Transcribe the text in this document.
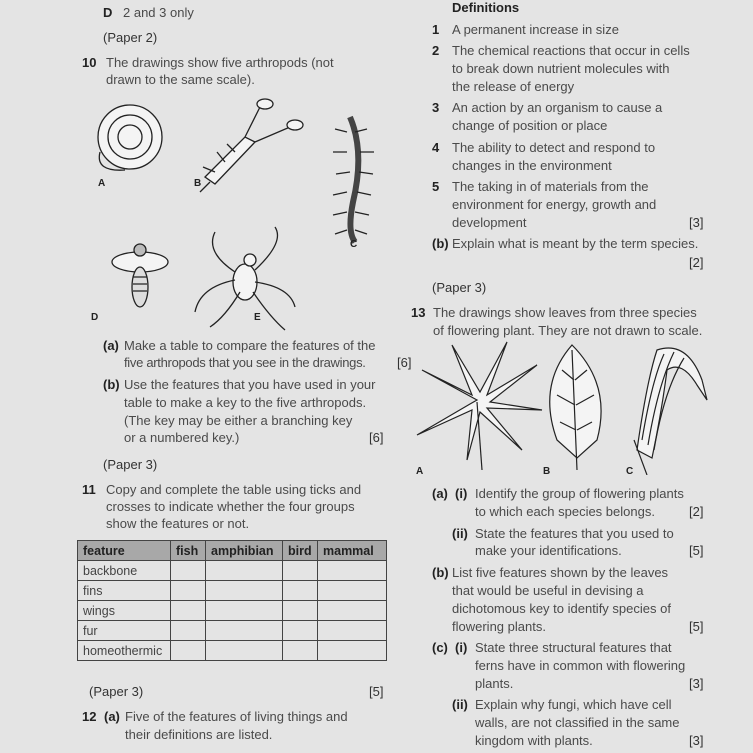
D 2 and 3 only
(Paper 2)
10 The drawings show five arthropods (not
drawn to the same scale).
A	B
C
D	E
(a) Make a table to compare the features of the
five arthropods that you see in the drawings. [6]
(b) Use the features that you have used in your
table to make a key to the five arthropods.
(The key may be either a branching key
or a numbered key.)	[6]
(Paper 3)
11 Copy and complete the table using ticks and
crosses to indicate whether the four groups
show the features or not.
feature	fish	amphibian	bird	mammal
backbone				
fins				
wings				
fur				
homeothermic				
(Paper 3)	[5]
12 (a) Five of the features of living things and
their definitions are listed.
Definitions
1 A permanent increase in size
2 The chemical reactions that occur in cells
to break down nutrient molecules with
the release of energy
3 An action by an organism to cause a
change of position or place
4 The ability to detect and respond to
changes in the environment
5 The taking in of materials from the
environment for energy, growth and
development	[3]
(b) Explain what is meant by the term species.
[2]
(Paper 3)
13 The drawings show leaves from three species
of flowering plant. They are not drawn to scale.
A	B	C
(a) (i) Identify the group of flowering plants
to which each species belongs.	[2]
(ii) State the features that you used to
make your identifications.	[5]
(b) List five features shown by the leaves
that would be useful in devising a
dichotomous key to identify species of
flowering plants.	[5]
(c) (i) State three structural features that
ferns have in common with flowering
plants.	[3]
(ii) Explain why fungi, which have cell
walls, are not classified in the same
kingdom with plants.	[3]
